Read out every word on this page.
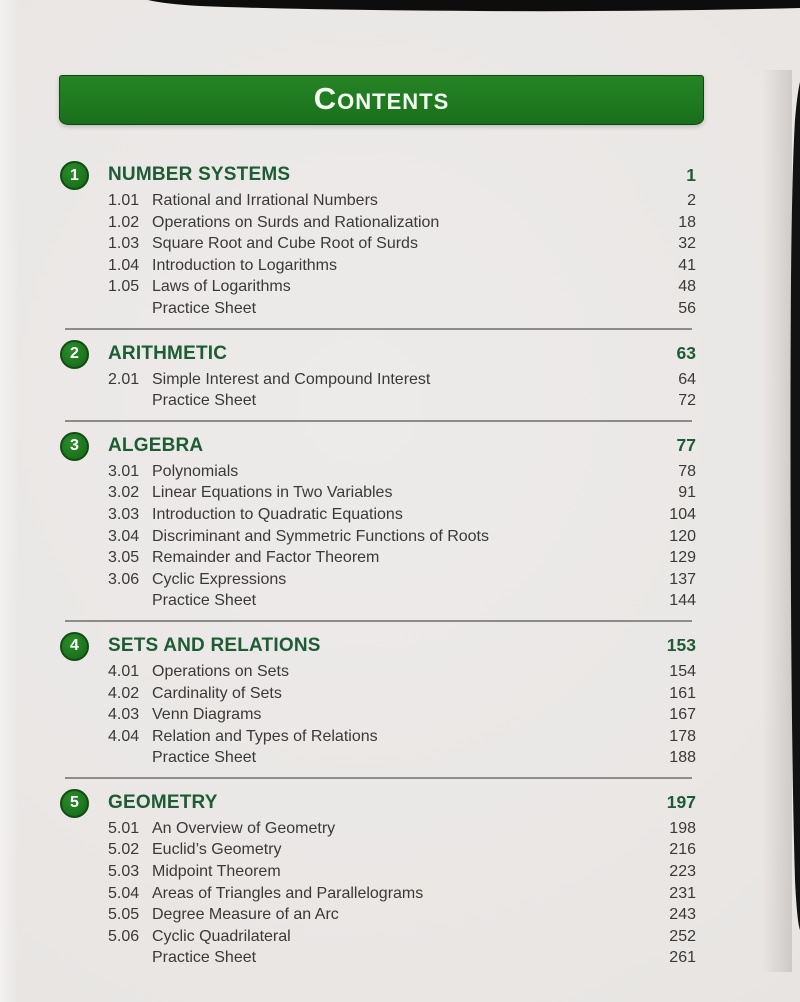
CONTENTS
1	NUMBER SYSTEMS	1
1.01 Rational and Irrational Numbers	2
1.02 Operations on Surds and Rationalization	18
1.03 Square Root and Cube Root of Surds	32
1.04 Introduction to Logarithms	41
1.05 Laws of Logarithms	48
Practice Sheet	56
2	ARITHMETIC	63
2.01 Simple Interest and Compound Interest	64
Practice Sheet	72
3	ALGEBRA	77
3.01 Polynomials	78
3.02 Linear Equations in Two Variables	91
3.03 Introduction to Quadratic Equations	104
3.04 Discriminant and Symmetric Functions of Roots	120
3.05 Remainder and Factor Theorem	129
3.06 Cyclic Expressions	137
Practice Sheet	144
4	SETS AND RELATIONS	153
4.01 Operations on Sets	154
4.02 Cardinality of Sets	161
4.03 Venn Diagrams	167
4.04 Relation and Types of Relations	178
Practice Sheet	188
5	GEOMETRY	197
5.01 An Overview of Geometry	198
5.02 Euclid’s Geometry	216
5.03 Midpoint Theorem	223
5.04 Areas of Triangles and Parallelograms	231
5.05 Degree Measure of an Arc	243
5.06 Cyclic Quadrilateral	252
Practice Sheet	261
